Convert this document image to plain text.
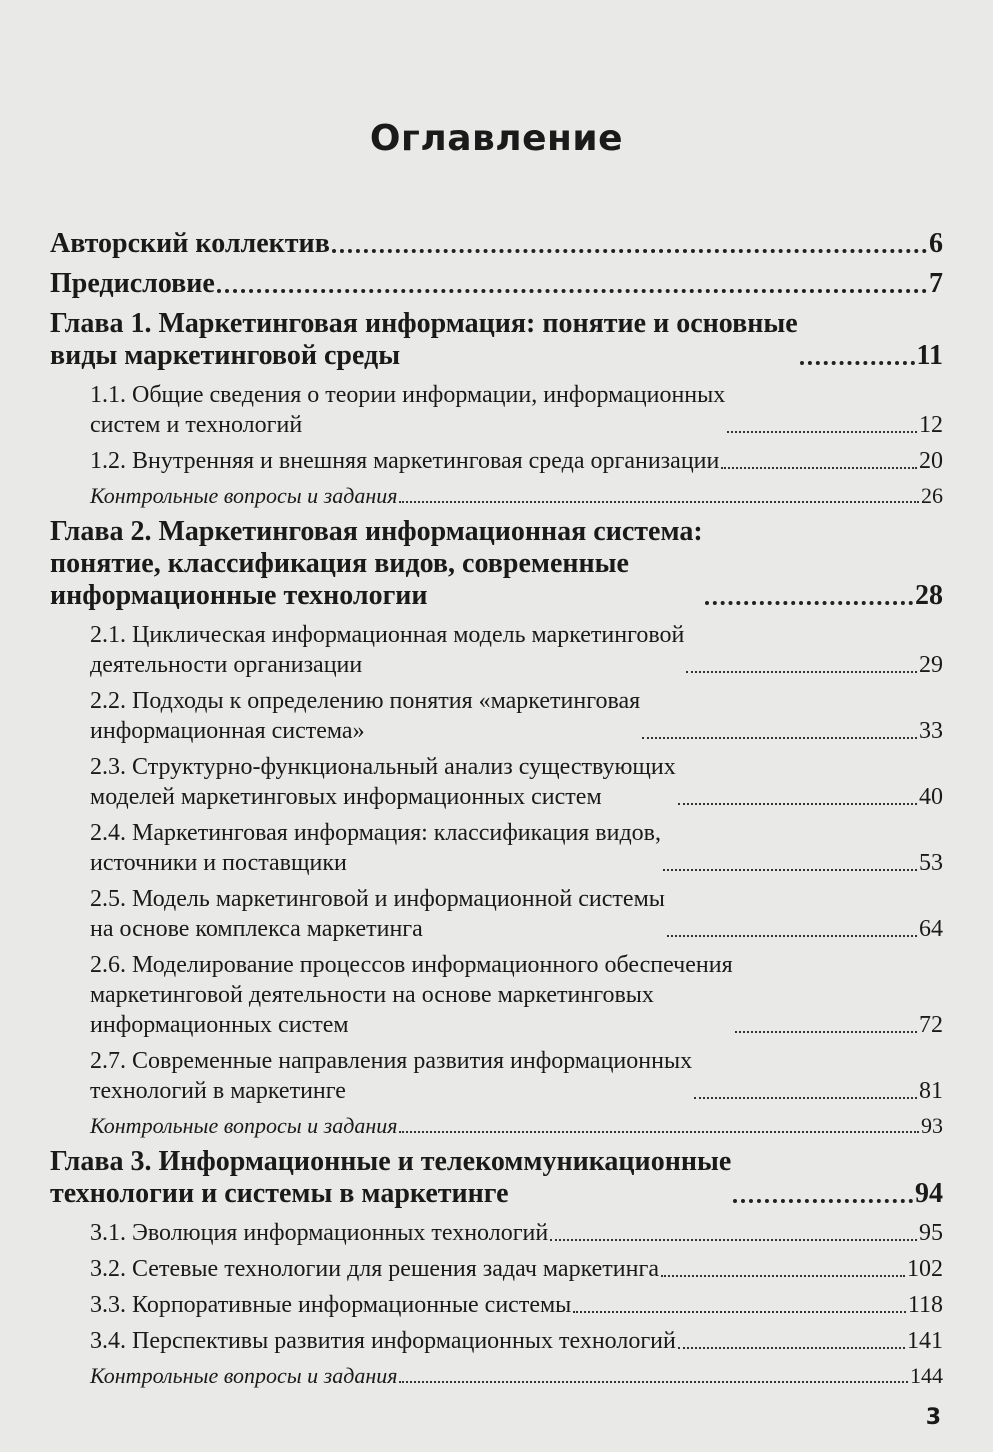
Оглавление
Авторский коллектив	6
Предисловие	7
Глава 1. Маркетинговая информация: понятие и основные
виды маркетинговой среды	11
1.1. Общие сведения о теории информации, информационных
систем и технологий	12
1.2. Внутренняя и внешняя маркетинговая среда организации	20
Контрольные вопросы и задания	26
Глава 2. Маркетинговая информационная система:
понятие, классификация видов, современные
информационные технологии	28
2.1. Циклическая информационная модель маркетинговой
деятельности организации	29
2.2. Подходы к определению понятия «маркетинговая
информационная система»	33
2.3. Структурно-функциональный анализ существующих
моделей маркетинговых информационных систем	40
2.4. Маркетинговая информация: классификация видов,
источники и поставщики	53
2.5. Модель маркетинговой и информационной системы
на основе комплекса маркетинга	64
2.6. Моделирование процессов информационного обеспечения
маркетинговой деятельности на основе маркетинговых
информационных систем	72
2.7. Современные направления развития информационных
технологий в маркетинге	81
Контрольные вопросы и задания	93
Глава 3. Информационные и телекоммуникационные
технологии и системы в маркетинге	94
3.1. Эволюция информационных технологий	95
3.2. Сетевые технологии для решения задач маркетинга	102
3.3. Корпоративные информационные системы	118
3.4. Перспективы развития информационных технологий	141
Контрольные вопросы и задания	144
3
